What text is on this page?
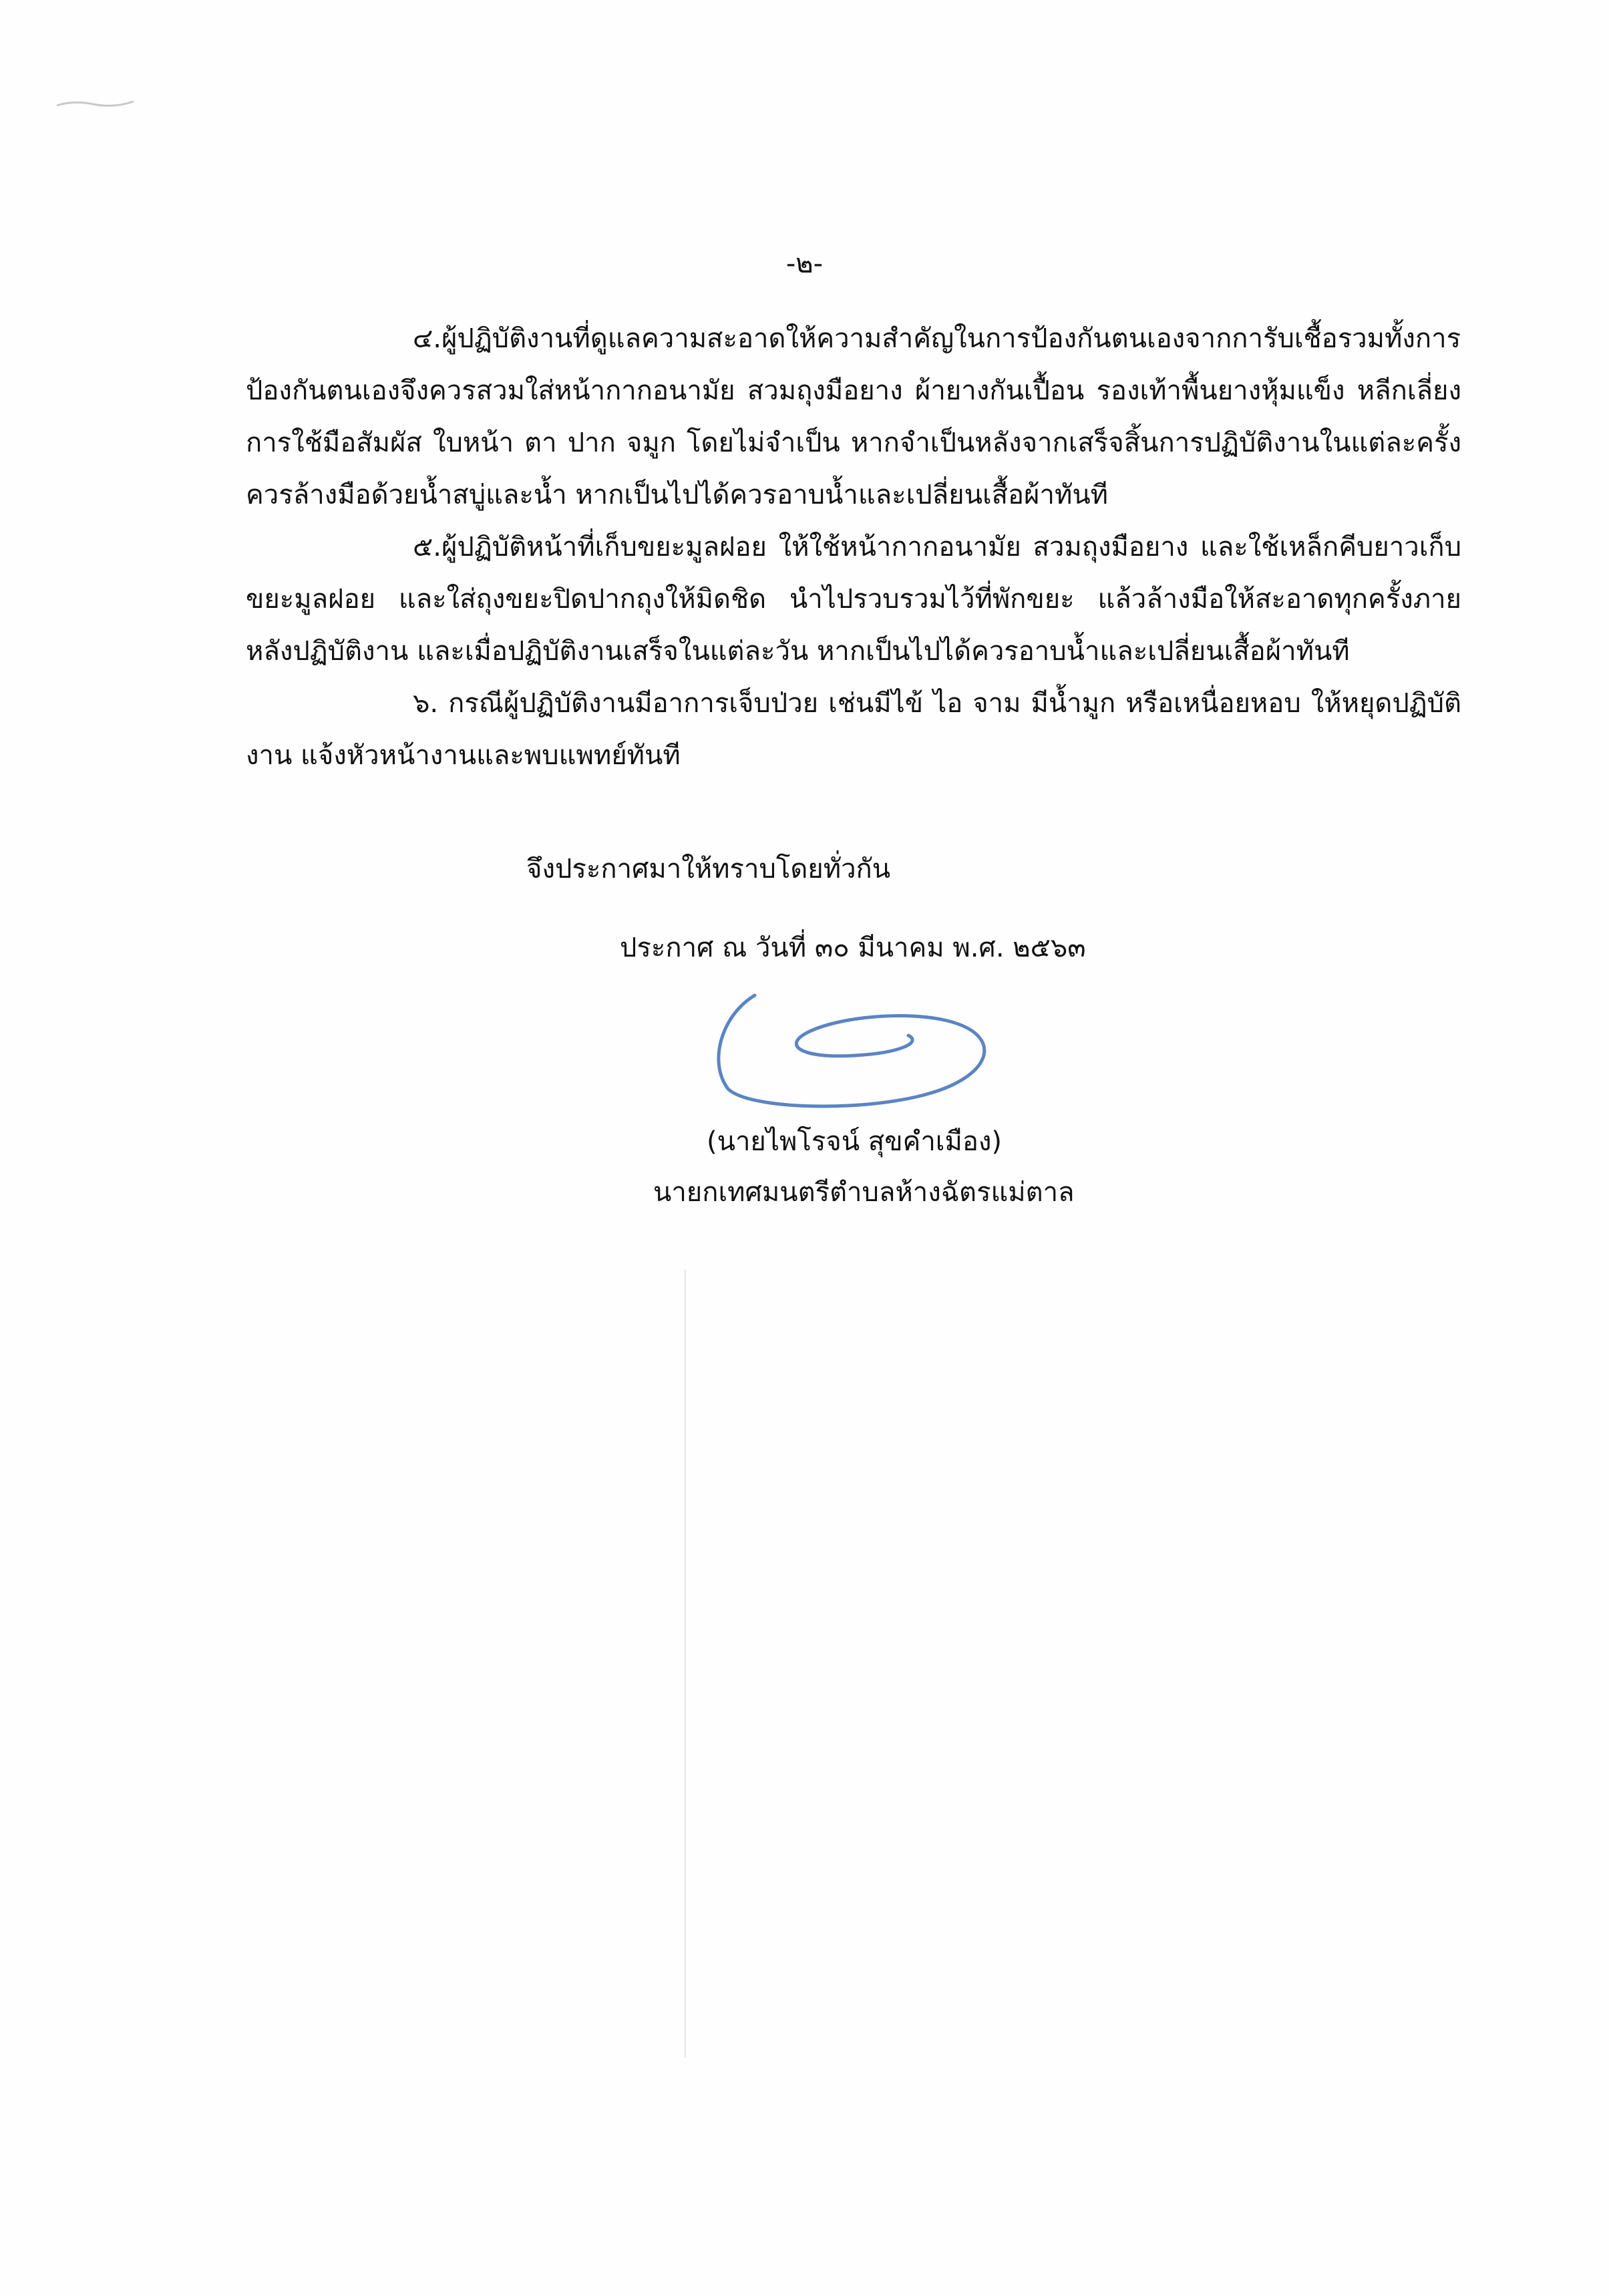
-๒-

๔.ผู้ปฏิบัติงานที่ดูแลความสะอาดให้ความสำคัญในการป้องกันตนเองจากการับเชื้อรวมทั้งการป้องกันตนเองจึงควรสวมใส่หน้ากากอนามัย สวมถุงมือยาง ผ้ายางกันเปื้อน รองเท้าพื้นยางหุ้มแข็ง หลีกเลี่ยงการใช้มือสัมผัส ใบหน้า ตา ปาก จมูก โดยไม่จำเป็น หากจำเป็นหลังจากเสร็จสิ้นการปฏิบัติงานในแต่ละครั้งควรล้างมือด้วยน้ำสบู่และน้ำ หากเป็นไปได้ควรอาบน้ำและเปลี่ยนเสื้อผ้าทันที

๕.ผู้ปฏิบัติหน้าที่เก็บขยะมูลฝอย ให้ใช้หน้ากากอนามัย สวมถุงมือยาง และใช้เหล็กคีบยาวเก็บขยะมูลฝอย และใส่ถุงขยะปิดปากถุงให้มิดชิด นำไปรวบรวมไว้ที่พักขยะ แล้วล้างมือให้สะอาดทุกครั้งภายหลังปฏิบัติงาน และเมื่อปฏิบัติงานเสร็จในแต่ละวัน หากเป็นไปได้ควรอาบน้ำและเปลี่ยนเสื้อผ้าทันที

๖. กรณีผู้ปฏิบัติงานมีอาการเจ็บป่วย เช่นมีไข้ ไอ จาม มีน้ำมูก หรือเหนื่อยหอบ ให้หยุดปฏิบัติงาน แจ้งหัวหน้างานและพบแพทย์ทันที

จึงประกาศมาให้ทราบโดยทั่วกัน
ประกาศ ณ วันที่ ๓๐ มีนาคม พ.ศ. ๒๕๖๓
(นายไพโรจน์ สุขคำเมือง)
นายกเทศมนตรีตำบลห้างฉัตรแม่ตาล
